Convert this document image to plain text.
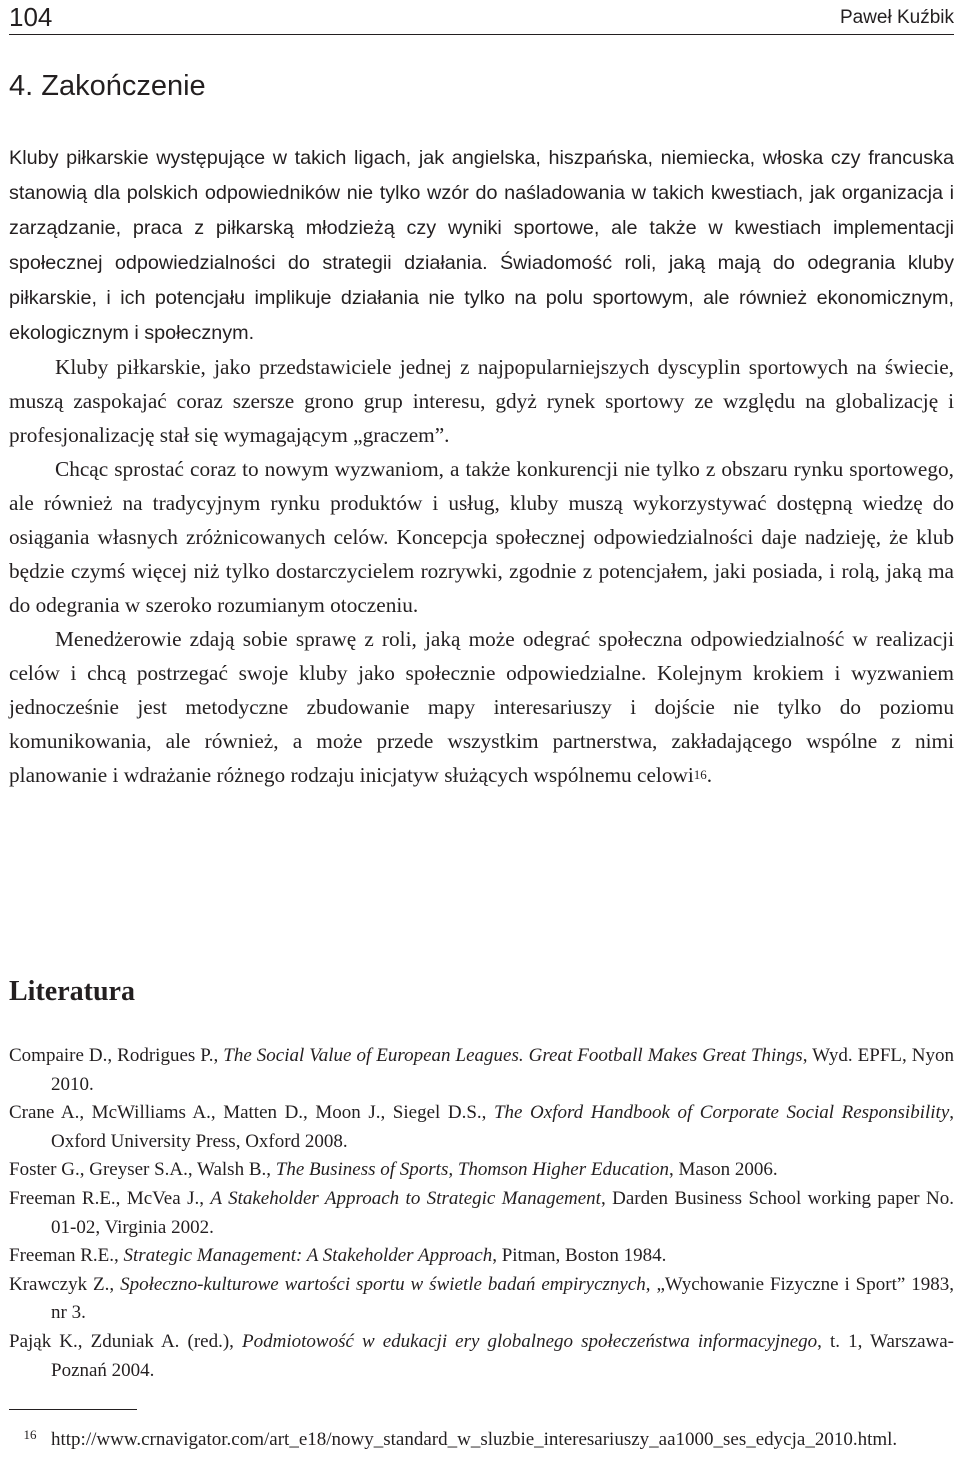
104	Paweł Kuźbik
4. Zakończenie

Kluby piłkarskie występujące w takich ligach, jak angielska, hiszpańska, niemiecka, włoska czy francuska stanowią dla polskich odpowiedników nie tylko wzór do naśladowania w takich kwestiach, jak organizacja i zarządzanie, praca z piłkarską młodzieżą czy wyniki sportowe, ale także w kwestiach implementacji społecznej odpowiedzialności do strategii działania. Świadomość roli, jaką mają do odegrania kluby piłkarskie, i ich potencjału implikuje działania nie tylko na polu sportowym, ale również ekonomicznym, ekologicznym i społecznym.

Kluby piłkarskie, jako przedstawiciele jednej z najpopularniejszych dyscyplin sportowych na świecie, muszą zaspokajać coraz szersze grono grup interesu, gdyż rynek sportowy ze względu na globalizację i profesjonalizację stał się wymagającym „graczem”.

Chcąc sprostać coraz to nowym wyzwaniom, a także konkurencji nie tylko z obszaru rynku sportowego, ale również na tradycyjnym rynku produktów i usług, kluby muszą wykorzystywać dostępną wiedzę do osiągania własnych zróżnicowanych celów. Koncepcja społecznej odpowiedzialności daje nadzieję, że klub będzie czymś więcej niż tylko dostarczycielem rozrywki, zgodnie z potencjałem, jaki posiada, i rolą, jaką ma do odegrania w szeroko rozumianym otoczeniu.

Menedżerowie zdają sobie sprawę z roli, jaką może odegrać społeczna odpowiedzialność w realizacji celów i chcą postrzegać swoje kluby jako społecznie odpowiedzialne. Kolejnym krokiem i wyzwaniem jednocześnie jest metodyczne zbudowanie mapy interesariuszy i dojście nie tylko do poziomu komunikowania, ale również, a może przede wszystkim partnerstwa, zakładającego wspólne z nimi planowanie i wdrażanie różnego rodzaju inicjatyw służących wspólnemu celowi$^{16}$.

Literatura

Compaire D., Rodrigues P., The Social Value of European Leagues. Great Football Makes Great Things, Wyd. EPFL, Nyon 2010.

Crane A., McWilliams A., Matten D., Moon J., Siegel D.S., The Oxford Handbook of Corporate Social Responsibility, Oxford University Press, Oxford 2008.

Foster G., Greyser S.A., Walsh B., The Business of Sports, Thomson Higher Education, Mason 2006.

Freeman R.E., McVea J., A Stakeholder Approach to Strategic Management, Darden Business School working paper No. 01-02, Virginia 2002.

Freeman R.E., Strategic Management: A Stakeholder Approach, Pitman, Boston 1984.

Krawczyk Z., Społeczno-kulturowe wartości sportu w świetle badań empirycznych, „Wychowanie Fizyczne i Sport” 1983, nr 3.

Pająk K., Zduniak A. (red.), Podmiotowość w edukacji ery globalnego społeczeństwa informacyjnego, t. 1, Warszawa-Poznań 2004.

16 http://www.crnavigator.com/art_e18/nowy_standard_w_sluzbie_interesariuszy_aa1000_ses_edycja_2010.html.
